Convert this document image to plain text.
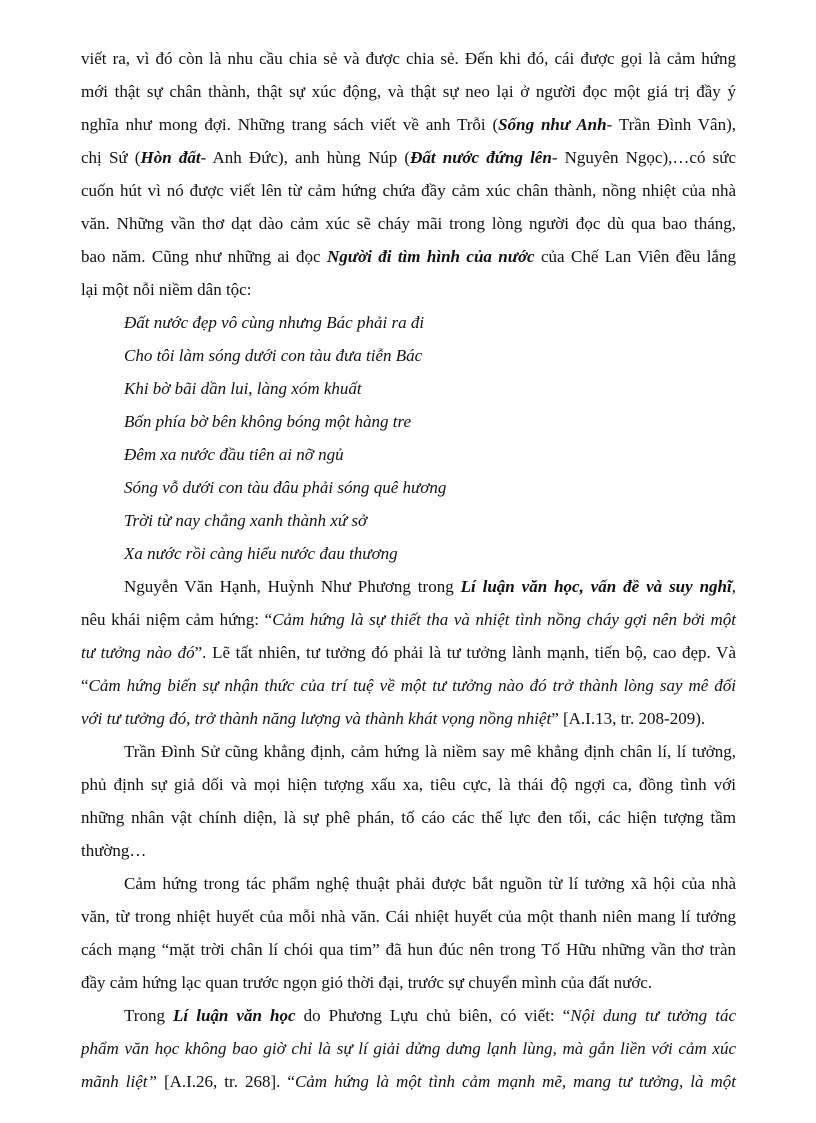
viết ra, vì đó còn là nhu cầu chia sẻ và được chia sẻ. Đến khi đó, cái được gọi là cảm hứng
mới thật sự chân thành, thật sự xúc động, và thật sự neo lại ở người đọc một giá trị đầy ý
nghĩa như mong đợi. Những trang sách viết về anh Trỗi (Sống như Anh- Trần Đình Vân),
chị Sứ (Hòn đất- Anh Đức), anh hùng Núp (Đất nước đứng lên- Nguyên Ngọc),…có sức
cuốn hút vì nó được viết lên từ cảm hứng chứa đầy cảm xúc chân thành, nồng nhiệt của nhà
văn. Những vần thơ dạt dào cảm xúc sẽ cháy mãi trong lòng người đọc dù qua bao tháng,
bao năm. Cũng như những ai đọc Người đi tìm hình của nước của Chế Lan Viên đều lắng
lại một nỗi niềm dân tộc:
Đất nước đẹp vô cùng nhưng Bác phải ra đi
Cho tôi làm sóng dưới con tàu đưa tiễn Bác
Khi bờ bãi dần lui, làng xóm khuất
Bốn phía bờ bên không bóng một hàng tre
Đêm xa nước đầu tiên ai nỡ ngủ
Sóng vỗ dưới con tàu đâu phải sóng quê hương
Trời từ nay chẳng xanh thành xứ sở
Xa nước rồi càng hiểu nước đau thương
Nguyễn Văn Hạnh, Huỳnh Như Phương trong Lí luận văn học, vấn đề và suy nghĩ,
nêu khái niệm cảm hứng: “Cảm hứng là sự thiết tha và nhiệt tình nồng cháy gợi nên bởi một
tư tưởng nào đó”. Lẽ tất nhiên, tư tưởng đó phải là tư tưởng lành mạnh, tiến bộ, cao đẹp. Và
“Cảm hứng biến sự nhận thức của trí tuệ về một tư tưởng nào đó trở thành lòng say mê đối
với tư tưởng đó, trở thành năng lượng và thành khát vọng nồng nhiệt” [A.I.13, tr. 208-209).
Trần Đình Sử cũng khẳng định, cảm hứng là niềm say mê khẳng định chân lí, lí tưởng,
phủ định sự giả dối và mọi hiện tượng xấu xa, tiêu cực, là thái độ ngợi ca, đồng tình với
những nhân vật chính diện, là sự phê phán, tố cáo các thế lực đen tối, các hiện tượng tầm
thường…
Cảm hứng trong tác phẩm nghệ thuật phải được bắt nguồn từ lí tưởng xã hội của nhà
văn, từ trong nhiệt huyết của mỗi nhà văn. Cái nhiệt huyết của một thanh niên mang lí tưởng
cách mạng “mặt trời chân lí chói qua tim” đã hun đúc nên trong Tố Hữu những vần thơ tràn
đầy cảm hứng lạc quan trước ngọn gió thời đại, trước sự chuyển mình của đất nước.
Trong Lí luận văn học do Phương Lựu chủ biên, có viết: “Nội dung tư tưởng tác
phẩm văn học không bao giờ chỉ là sự lí giải dửng dưng lạnh lùng, mà gắn liền với cảm xúc
mãnh liệt” [A.I.26, tr. 268]. “Cảm hứng là một tình cảm mạnh mẽ, mang tư tưởng, là một
